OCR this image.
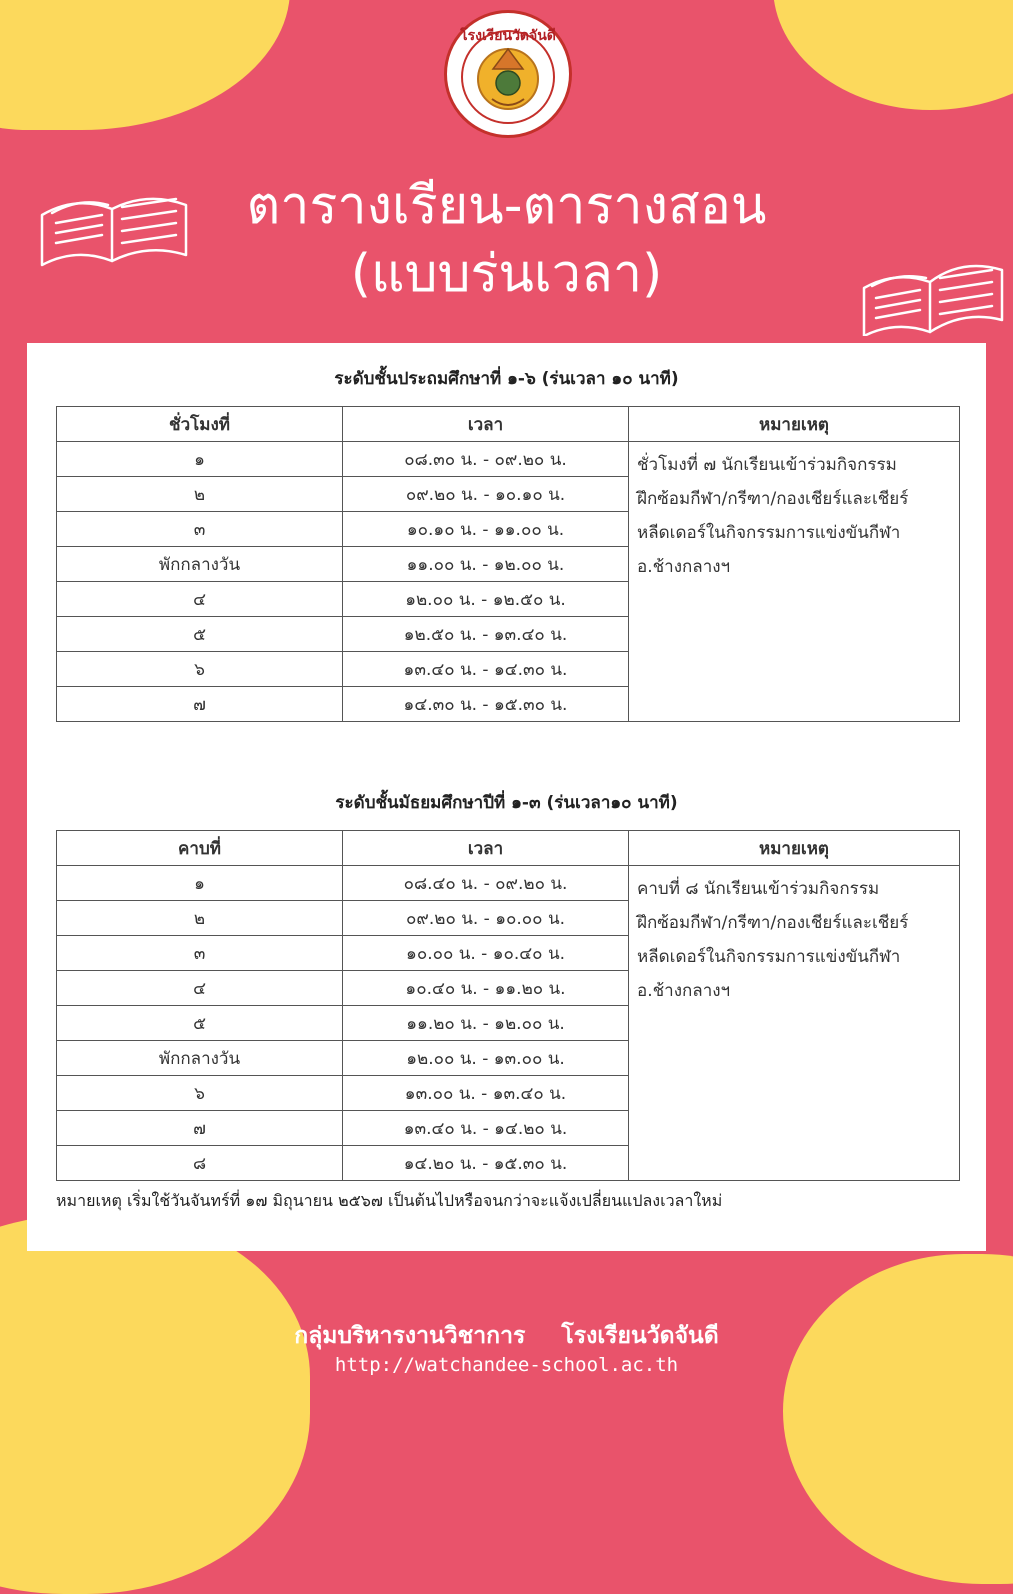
โรงเรียนวัดจันดี
ตารางเรียน-ตารางสอน
(แบบร่นเวลา)
ระดับชั้นประถมศึกษาที่ ๑-๖ (ร่นเวลา ๑๐ นาที)
ชั่วโมงที่	เวลา	หมายเหตุ
๑	๐๘.๓๐ น. - ๐๙.๒๐ น.	ชั่วโมงที่ ๗ นักเรียนเข้าร่วมกิจกรรม
ฝึกซ้อมกีฬา/กรีฑา/กองเชียร์และเชียร์
หลีดเดอร์ในกิจกรรมการแข่งขันกีฬา
อ.ช้างกลางฯ

๒	๐๙.๒๐ น. - ๑๐.๑๐ น.	
๓	๑๐.๑๐ น. - ๑๑.๐๐ น.	
พักกลางวัน	๑๑.๐๐ น. - ๑๒.๐๐ น.	
๔	๑๒.๐๐ น. - ๑๒.๕๐ น.	
๕	๑๒.๕๐ น. - ๑๓.๔๐ น.	
๖	๑๓.๔๐ น. - ๑๔.๓๐ น.	
๗	๑๔.๓๐ น. - ๑๕.๓๐ น.	
ระดับชั้นมัธยมศึกษาปีที่ ๑-๓ (ร่นเวลา๑๐ นาที)
คาบที่	เวลา	หมายเหตุ
๑	๐๘.๔๐ น. - ๐๙.๒๐ น.	คาบที่ ๘ นักเรียนเข้าร่วมกิจกรรม
ฝึกซ้อมกีฬา/กรีฑา/กองเชียร์และเชียร์
หลีดเดอร์ในกิจกรรมการแข่งขันกีฬา
อ.ช้างกลางฯ

๒	๐๙.๒๐ น. - ๑๐.๐๐ น.	
๓	๑๐.๐๐ น. - ๑๐.๔๐ น.	
๔	๑๐.๔๐ น. - ๑๑.๒๐ น.	
๕	๑๑.๒๐ น. - ๑๒.๐๐ น.	
พักกลางวัน	๑๒.๐๐ น. - ๑๓.๐๐ น.	
๖	๑๓.๐๐ น. - ๑๓.๔๐ น.	
๗	๑๓.๔๐ น. - ๑๔.๒๐ น.	
๘	๑๔.๒๐ น. - ๑๕.๓๐ น.	
หมายเหตุ เริ่มใช้วันจันทร์ที่ ๑๗ มิถุนายน ๒๕๖๗ เป็นต้นไปหรือจนกว่าจะแจ้งเปลี่ยนแปลงเวลาใหม่
กลุ่มบริหารงานวิชาการ โรงเรียนวัดจันดี
http://watchandee-school.ac.th
